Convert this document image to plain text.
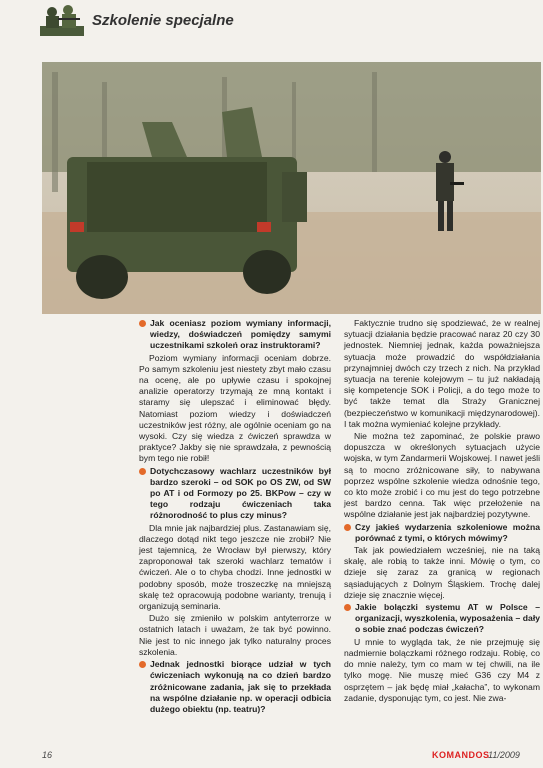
Szkolenie specjalne
Jak oceniasz poziom wymiany informacji, wiedzy, doświadczeń pomiędzy samymi uczestnikami szkoleń oraz instruktorami?
Poziom wymiany informacji oceniam dobrze. Po samym szkoleniu jest niestety zbyt mało czasu na ocenę, ale po upływie czasu i spokojnej analizie operatorzy trzymają ze mną kontakt i staramy się ulepszać i eliminować błędy. Natomiast poziom wiedzy i doświadczeń uczestników jest różny, ale ogólnie oceniam go na wysoki. Czy się wiedza z ćwiczeń sprawdza w praktyce? Jakby się nie sprawdzała, z pewnością bym tego nie robił!
Dotychczasowy wachlarz uczestników był bardzo szeroki – od SOK po OS ZW, od SW po AT i od Formozy po 25. BKPow – czy w tego rodzaju ćwiczeniach taka różnorodność to plus czy minus?
Dla mnie jak najbardziej plus. Zastanawiam się, dlaczego dotąd nikt tego jeszcze nie zrobił? Nie jest tajemnicą, że Wrocław był pierwszy, który zaproponował tak szeroki wachlarz tematów i ćwiczeń. Ale o to chyba chodzi. Inne jednostki w podobny sposób, może troszeczkę na mniejszą skalę też opracowują podobne warianty, trenują i organizują seminaria.
Dużo się zmieniło w polskim antyterrorze w ostatnich latach i uważam, że tak być powinno. Nie jest to nic innego jak tylko naturalny proces szkolenia.
Jednak jednostki biorące udział w tych ćwiczeniach wykonują na co dzień bardzo zróżnicowane zadania, jak się to przekłada na wspólne działanie np. w operacji odbicia dużego obiektu (np. teatru)?
Faktycznie trudno się spodziewać, że w realnej sytuacji działania będzie pracować naraz 20 czy 30 jednostek. Niemniej jednak, każda poważniejsza sytuacja może prowadzić do współdziałania przynajmniej dwóch czy trzech z nich. Na przykład sytuacja na terenie kolejowym – tu już nakładają się kompetencje SOK i Policji, a do tego może to być także temat dla Straży Granicznej (bezpieczeństwo w komunikacji międzynarodowej). I tak można wymieniać kolejne przykłady.
Nie można też zapominać, że polskie prawo dopuszcza w określonych sytuacjach użycie wojska, w tym Żandarmerii Wojskowej. I nawet jeśli są to mocno zróżnicowane siły, to nabywana poprzez wspólne szkolenie wiedza odnośnie tego, co kto może zrobić i co mu jest do tego potrzebne jest bardzo cenna. Tak więc przełożenie na wspólne działanie jest jak najbardziej pozytywne.
Czy jakieś wydarzenia szkoleniowe można porównać z tymi, o których mówimy?
Tak jak powiedziałem wcześniej, nie na taką skalę, ale robią to także inni. Mówię o tym, co dzieje się zaraz za granicą w regionach sąsiadujących z Dolnym Śląskiem. Trochę dalej dzieje się znacznie więcej.
Jakie bolączki systemu AT w Polsce – organizacji, wyszkolenia, wyposażenia – dały o sobie znać podczas ćwiczeń?
U mnie to wygląda tak, że nie przejmuję się nadmiernie bolączkami różnego rodzaju. Robię, co do mnie należy, tym co mam w tej chwili, na ile tylko mogę. Nie muszę mieć G36 czy M4 z osprzętem – jak będę miał „kałacha”, to wykonam zadanie, dysponując tym, co jest. Nie zwa-
16	KOMANDOS
11/2009
